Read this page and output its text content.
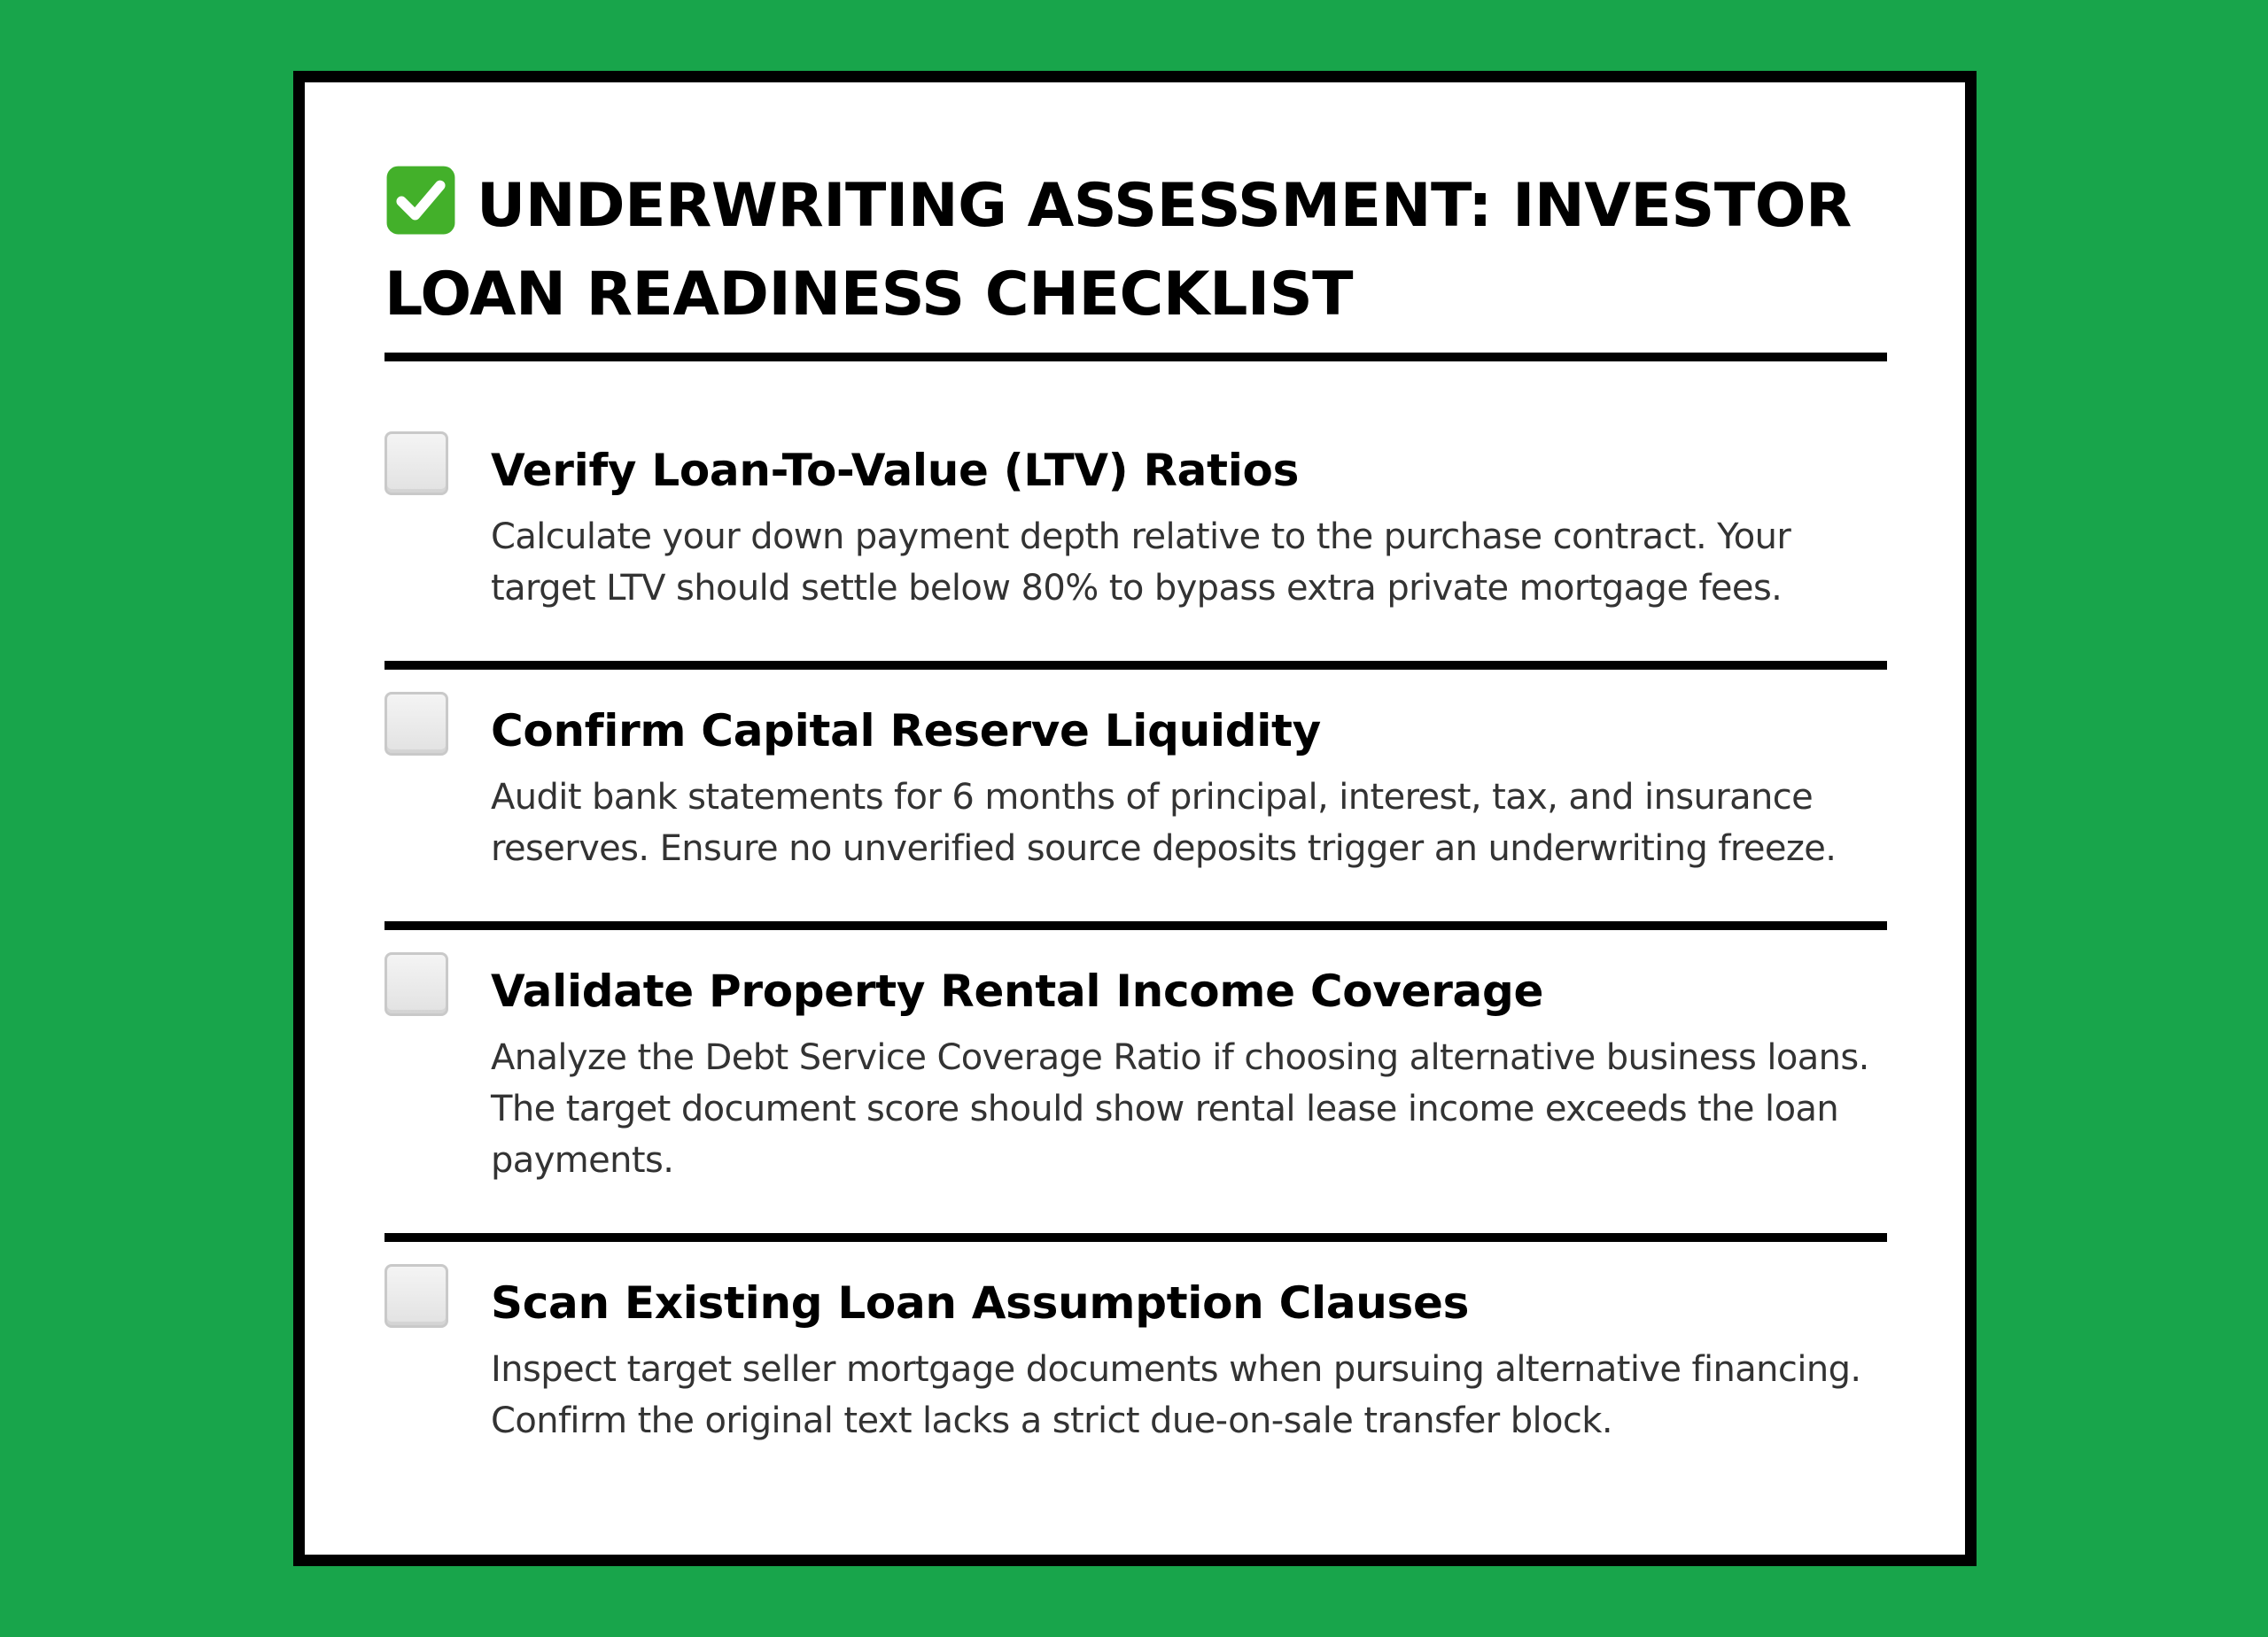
UNDERWRITING ASSESSMENT: INVESTOR LOAN READINESS CHECKLIST
Verify Loan-To-Value (LTV) Ratios
Calculate your down payment depth relative to the purchase contract. Your target LTV should settle below 80% to bypass extra private mortgage fees.
Confirm Capital Reserve Liquidity
Audit bank statements for 6 months of principal, interest, tax, and insurance reserves. Ensure no unverified source deposits trigger an underwriting freeze.
Validate Property Rental Income Coverage
Analyze the Debt Service Coverage Ratio if choosing alternative business loans. The target document score should show rental lease income exceeds the loan payments.
Scan Existing Loan Assumption Clauses
Inspect target seller mortgage documents when pursuing alternative financing. Confirm the original text lacks a strict due-on-sale transfer block.
